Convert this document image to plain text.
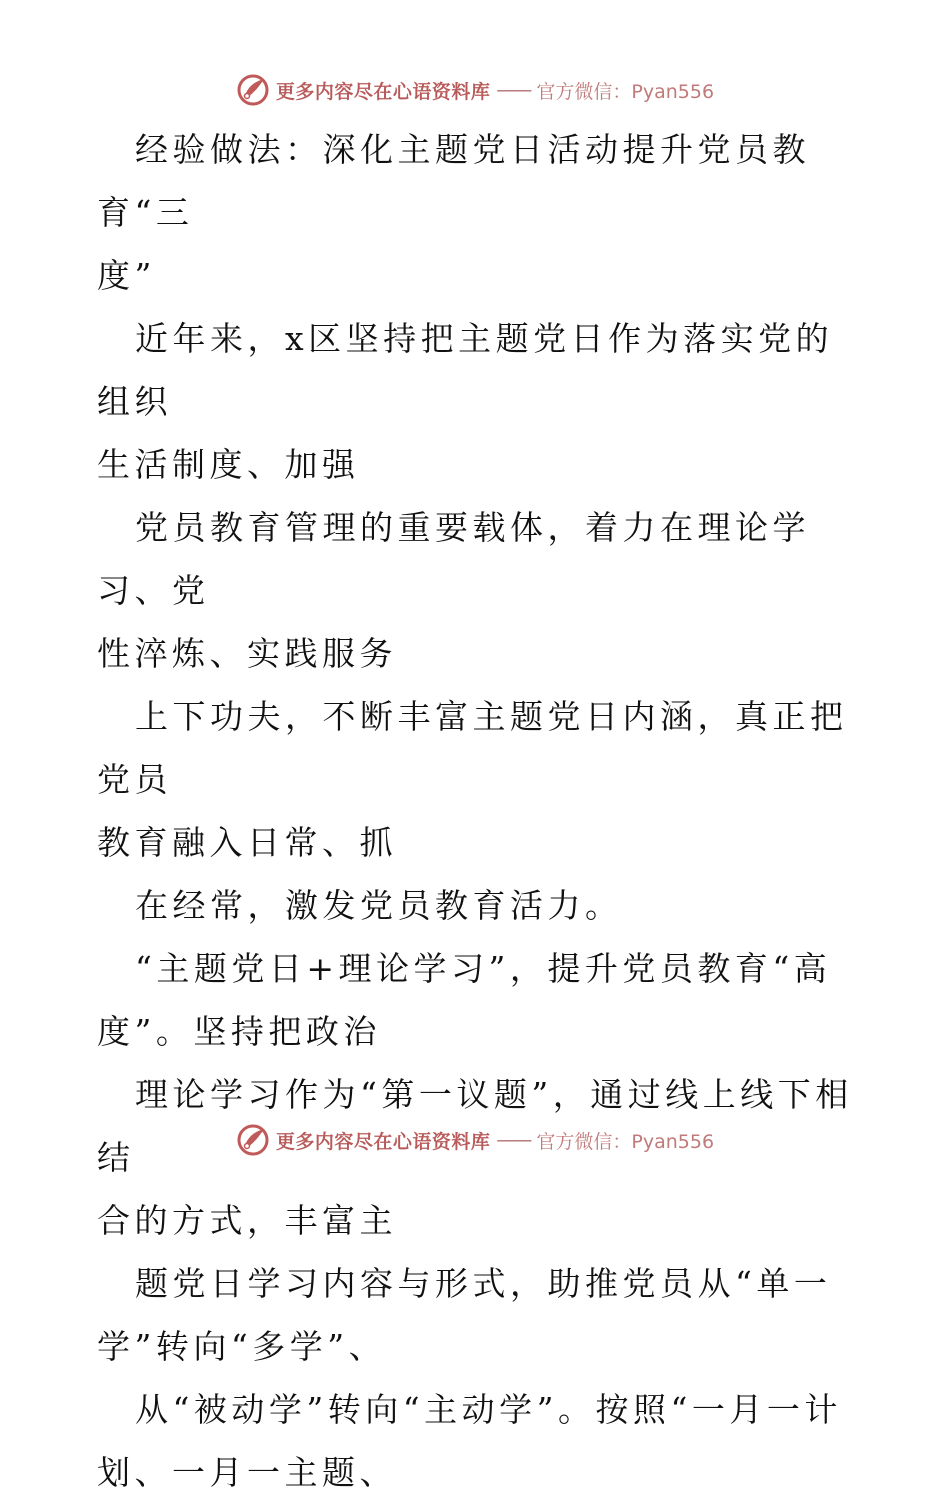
更多内容尽在心语资料库 —— 官方微信：Pyan556

经验做法：深化主题党日活动提升党员教育“三
度”

近年来，x区坚持把主题党日作为落实党的组织
生活制度、加强

党员教育管理的重要载体，着力在理论学习、党
性淬炼、实践服务

上下功夫，不断丰富主题党日内涵，真正把党员
教育融入日常、抓

在经常，激发党员教育活力。

“主题党日+理论学习”，提升党员教育“高
度”。坚持把政治

理论学习作为“第一议题”，通过线上线下相结
合的方式，丰富主

题党日学习内容与形式，助推党员从“单一
学”转向“多学”、

从“被动学”转向“主动学”。按照“一月一计
划、一月一主题、

更多内容尽在心语资料库 —— 官方微信：Pyan556
